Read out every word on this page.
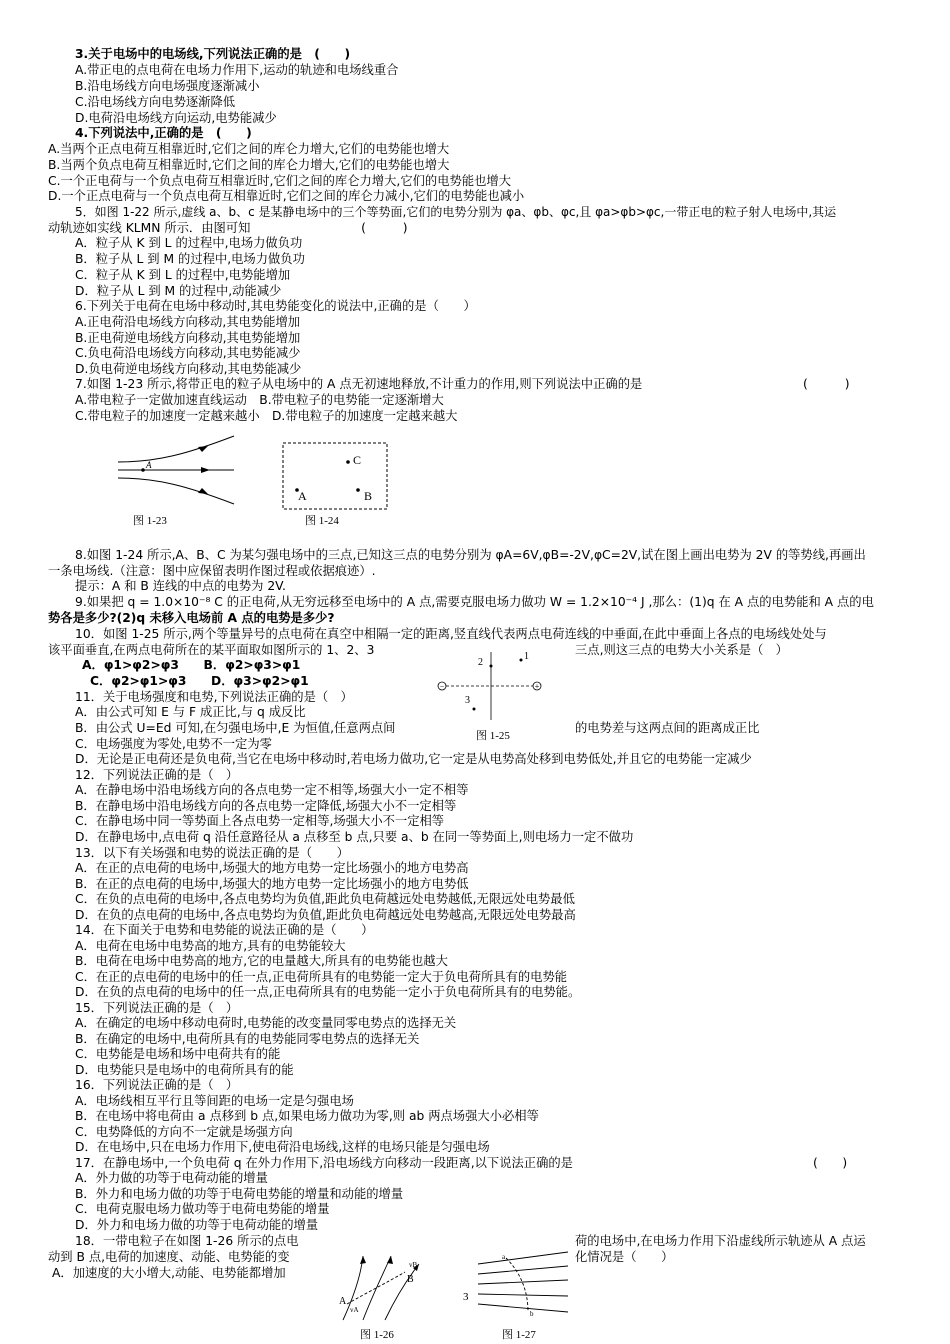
3.关于电场中的电场线,下列说法正确的是　(　　)
A.带正电的点电荷在电场力作用下,运动的轨迹和电场线重合
B.沿电场线方向电场强度逐渐减小
C.沿电场线方向电势逐渐降低
D.电荷沿电场线方向运动,电势能减少
4.下列说法中,正确的是　(　　)
A.当两个正点电荷互相靠近时,它们之间的库仑力增大,它们的电势能也增大
B.当两个负点电荷互相靠近时,它们之间的库仑力增大,它们的电势能也增大
C.一个正电荷与一个负点电荷互相靠近时,它们之间的库仑力增大,它们的电势能也增大
D.一个正点电荷与一个负点电荷互相靠近时,它们之间的库仑力减小,它们的电势能也减小
5．如图 1-22 所示,虚线 a、b、c 是某静电场中的三个等势面,它们的电势分别为 φa、φb、φc,且 φa>φb>φc,一带正电的粒子射人电场中,其运
动轨迹如实线 KLMN 所示．由图可知　　　　　　　　　(　　　)
A．粒子从 K 到 L 的过程中,电场力做负功
B．粒子从 L 到 M 的过程中,电场力做负功
C．粒子从 K 到 L 的过程中,电势能增加
D．粒子从 L 到 M 的过程中,动能减少
6.下列关于电荷在电场中移动时,其电势能变化的说法中,正确的是（　　）
A.正电荷沿电场线方向移动,其电势能增加
B.正电荷逆电场线方向移动,其电势能增加
C.负电荷沿电场线方向移动,其电势能减少
D.负电荷逆电场线方向移动,其电势能减少
7.如图 1-23 所示,将带正电的粒子从电场中的 A 点无初速地释放,不计重力的作用,则下列说法中正确的是	(　　　)
A.带电粒子一定做加速直线运动　B.带电粒子的电势能一定逐渐增大
C.带电粒子的加速度一定越来越小　D.带电粒子的加速度一定越来越大
A
图 1-23
C
A	B
图 1-24
8.如图 1-24 所示,A、B、C 为某匀强电场中的三点,已知这三点的电势分别为 φA=6V,φB=-2V,φC=2V,试在图上画出电势为 2V 的等势线,再画出
一条电场线.（注意：图中应保留表明作图过程或依据痕迹）.
提示：A 和 B 连线的中点的电势为 2V.
9.如果把 q = 1.0×10⁻⁸ C 的正电荷,从无穷远移至电场中的 A 点,需要克服电场力做功 W = 1.2×10⁻⁴ J ,那么：(1)q 在 A 点的电势能和 A 点的电
势各是多少?(2)q 未移入电场前 A 点的电势是多少?
10．如图 1-25 所示,两个等量异号的点电荷在真空中相隔一定的距离,竖直线代表两点电荷连线的中垂面,在此中垂面上各点的电场线处处与
该平面垂直,在两点电荷所在的某平面取如图所示的 1、2、3	三点,则这三点的电势大小关系是（　）
A．φ1>φ2>φ3　　B．φ2>φ3>φ1
C．φ2>φ1>φ3　　D．φ3>φ2>φ1	−	+
1
2
3
图 1-25
11．关于电场强度和电势,下列说法正确的是（　）
A．由公式可知 E 与 F 成正比,与 q 成反比
B．由公式 U=Ed 可知,在匀强电场中,E 为恒值,任意两点间	的电势差与这两点间的距离成正比
C．电场强度为零处,电势不一定为零
D．无论是正电荷还是负电荷,当它在电场中移动时,若电场力做功,它一定是从电势高处移到电势低处,并且它的电势能一定减少
12．下列说法正确的是（　）
A．在静电场中沿电场线方向的各点电势一定不相等,场强大小一定不相等
B．在静电场中沿电场线方向的各点电势一定降低,场强大小不一定相等
C．在静电场中同一等势面上各点电势一定相等,场强大小不一定相等
D．在静电场中,点电荷 q 沿任意路径从 a 点移至 b 点,只要 a、b 在同一等势面上,则电场力一定不做功
13．以下有关场强和电势的说法正确的是（　　）
A．在正的点电荷的电场中,场强大的地方电势一定比场强小的地方电势高
B．在正的点电荷的电场中,场强大的地方电势一定比场强小的地方电势低
C．在负的点电荷的电场中,各点电势均为负值,距此负电荷越远处电势越低,无限远处电势最低
D．在负的点电荷的电场中,各点电势均为负值,距此负电荷越远处电势越高,无限远处电势最高
14．在下面关于电势和电势能的说法正确的是（　　）
A．电荷在电场中电势高的地方,具有的电势能较大
B．电荷在电场中电势高的地方,它的电量越大,所具有的电势能也越大
C．在正的点电荷的电场中的任一点,正电荷所具有的电势能一定大于负电荷所具有的电势能
D．在负的点电荷的电场中的任一点,正电荷所具有的电势能一定小于负电荷所具有的电势能。
15．下列说法正确的是（　）
A．在确定的电场中移动电荷时,电势能的改变量同零电势点的选择无关
B．在确定的电场中,电荷所具有的电势能同零电势点的选择无关
C．电势能是电场和场中电荷共有的能
D．电势能只是电场中的电荷所具有的能
16．下列说法正确的是（　）
A．电场线相互平行且等间距的电场一定是匀强电场
B．在电场中将电荷由 a 点移到 b 点,如果电场力做功为零,则 ab 两点场强大小必相等
C．电势降低的方向不一定就是场强方向
D．在电场中,只在电场力作用下,使电荷沿电场线,这样的电场只能是匀强电场
17．在静电场中,一个负电荷 q 在外力作用下,沿电场线方向移动一段距离,以下说法正确的是	(　　)
A．外力做的功等于电荷动能的增量
B．外力和电场力做的功等于电荷电势能的增量和动能的增量
C．电荷克服电场力做功等于电荷电势能的增量
D．外力和电场力做的功等于电荷动能的增量
18．一带电粒子在如图 1-26 所示的点电	荷的电场中,在电场力作用下沿虚线所示轨迹从 A 点运
动到 B 点,电荷的加速度、动能、电势能的变	化情况是（　　）
A．加速度的大小增大,动能、电势能都增加
A
B
vA
vB
图 1-26
3
a
b
图 1-27
